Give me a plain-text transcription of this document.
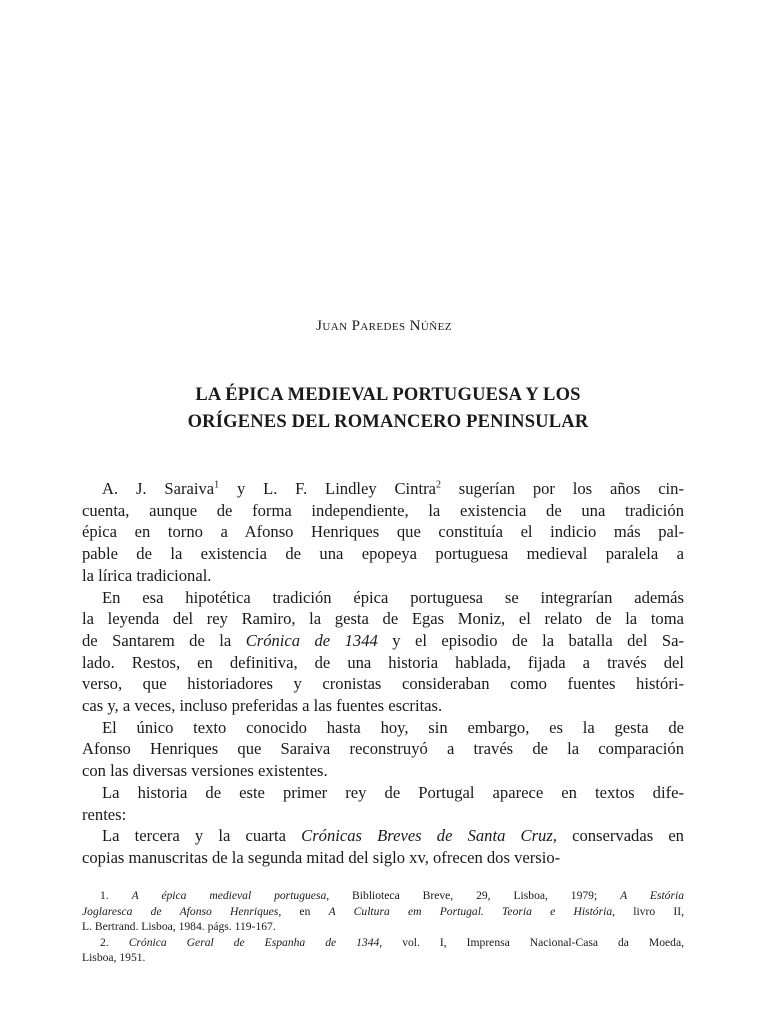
Juan Paredes Núñez
LA ÉPICA MEDIEVAL PORTUGUESA Y LOS
ORÍGENES DEL ROMANCERO PENINSULAR
A. J. Saraiva$^1$ y L. F. Lindley Cintra$^2$ sugerían por los años cin-
cuenta, aunque de forma independiente, la existencia de una tradición
épica en torno a Afonso Henriques que constituía el indicio más pal-
pable de la existencia de una epopeya portuguesa medieval paralela a
la lírica tradicional.
En esa hipotética tradición épica portuguesa se integrarían además
la leyenda del rey Ramiro, la gesta de Egas Moniz, el relato de la toma
de Santarem de la Crónica de 1344 y el episodio de la batalla del Sa-
lado. Restos, en definitiva, de una historia hablada, fijada a través del
verso, que historiadores y cronistas consideraban como fuentes históri-
cas y, a veces, incluso preferidas a las fuentes escritas.
El único texto conocido hasta hoy, sin embargo, es la gesta de
Afonso Henriques que Saraiva reconstruyó a través de la comparación
con las diversas versiones existentes.
La historia de este primer rey de Portugal aparece en textos dife-
rentes:
La tercera y la cuarta Crónicas Breves de Santa Cruz, conservadas en
copias manuscritas de la segunda mitad del siglo xv, ofrecen dos versio-
1. A épica medieval portuguesa, Biblioteca Breve, 29, Lisboa, 1979; A Estória
Joglaresca de Afonso Henriques, en A Cultura em Portugal. Teoria e História, livro II,
L. Bertrand. Lisboa, 1984. págs. 119-167.
2. Crónica Geral de Espanha de 1344, vol. I, Imprensa Nacional-Casa da Moeda,
Lisboa, 1951.
